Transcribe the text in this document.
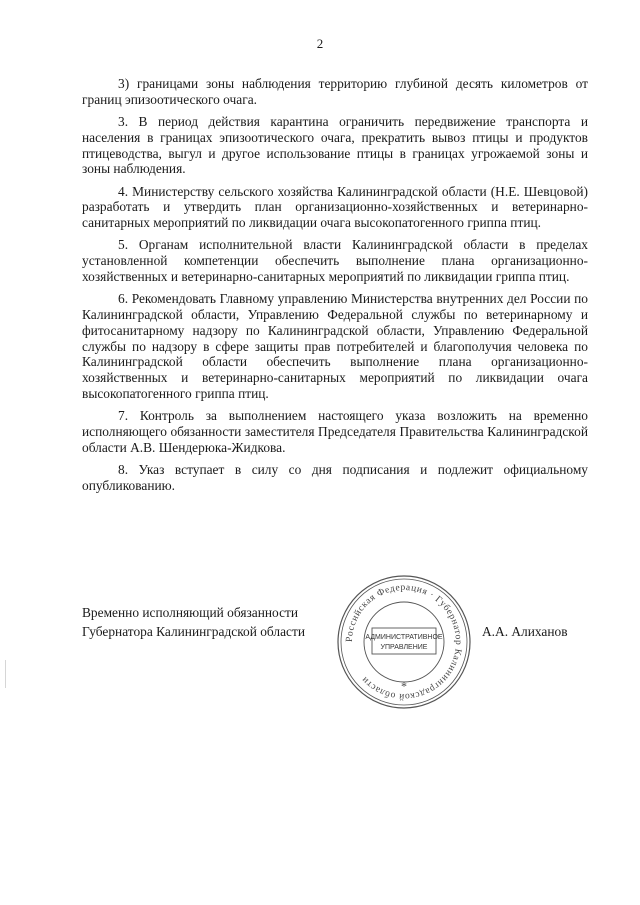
2

3) границами зоны наблюдения территорию глубиной десять километров от границ эпизоотического очага.

3. В период действия карантина ограничить передвижение транспорта и населения в границах эпизоотического очага, прекратить вывоз птицы и продуктов птицеводства, выгул и другое использование птицы в границах угрожаемой зоны и зоны наблюдения.

4. Министерству сельского хозяйства Калининградской области (Н.Е. Шевцовой) разработать и утвердить план организационно-хозяйственных и ветеринарно-санитарных мероприятий по ликвидации очага высокопатогенного гриппа птиц.

5. Органам исполнительной власти Калининградской области в пределах установленной компетенции обеспечить выполнение плана организационно-хозяйственных и ветеринарно-санитарных мероприятий по ликвидации гриппа птиц.

6. Рекомендовать Главному управлению Министерства внутренних дел России по Калининградской области, Управлению Федеральной службы по ветеринарному и фитосанитарному надзору по Калининградской области, Управлению Федеральной службы по надзору в сфере защиты прав потребителей и благополучия человека по Калининградской области обеспечить выполнение плана организационно-хозяйственных и ветеринарно-санитарных мероприятий по ликвидации очага высокопатогенного гриппа птиц.

7. Контроль за выполнением настоящего указа возложить на временно исполняющего обязанности заместителя Председателя Правительства Калининградской области А.В. Шендерюка-Жидкова.

8. Указ вступает в силу со дня подписания и подлежит официальному опубликованию.

Временно исполняющий обязанности
Губернатора Калининградской области
Российская Федерация · Губернатор Калининградской области
АДМИНИСТРАТИВНОЕ
УПРАВЛЕНИЕ
*
А.А. Алиханов
